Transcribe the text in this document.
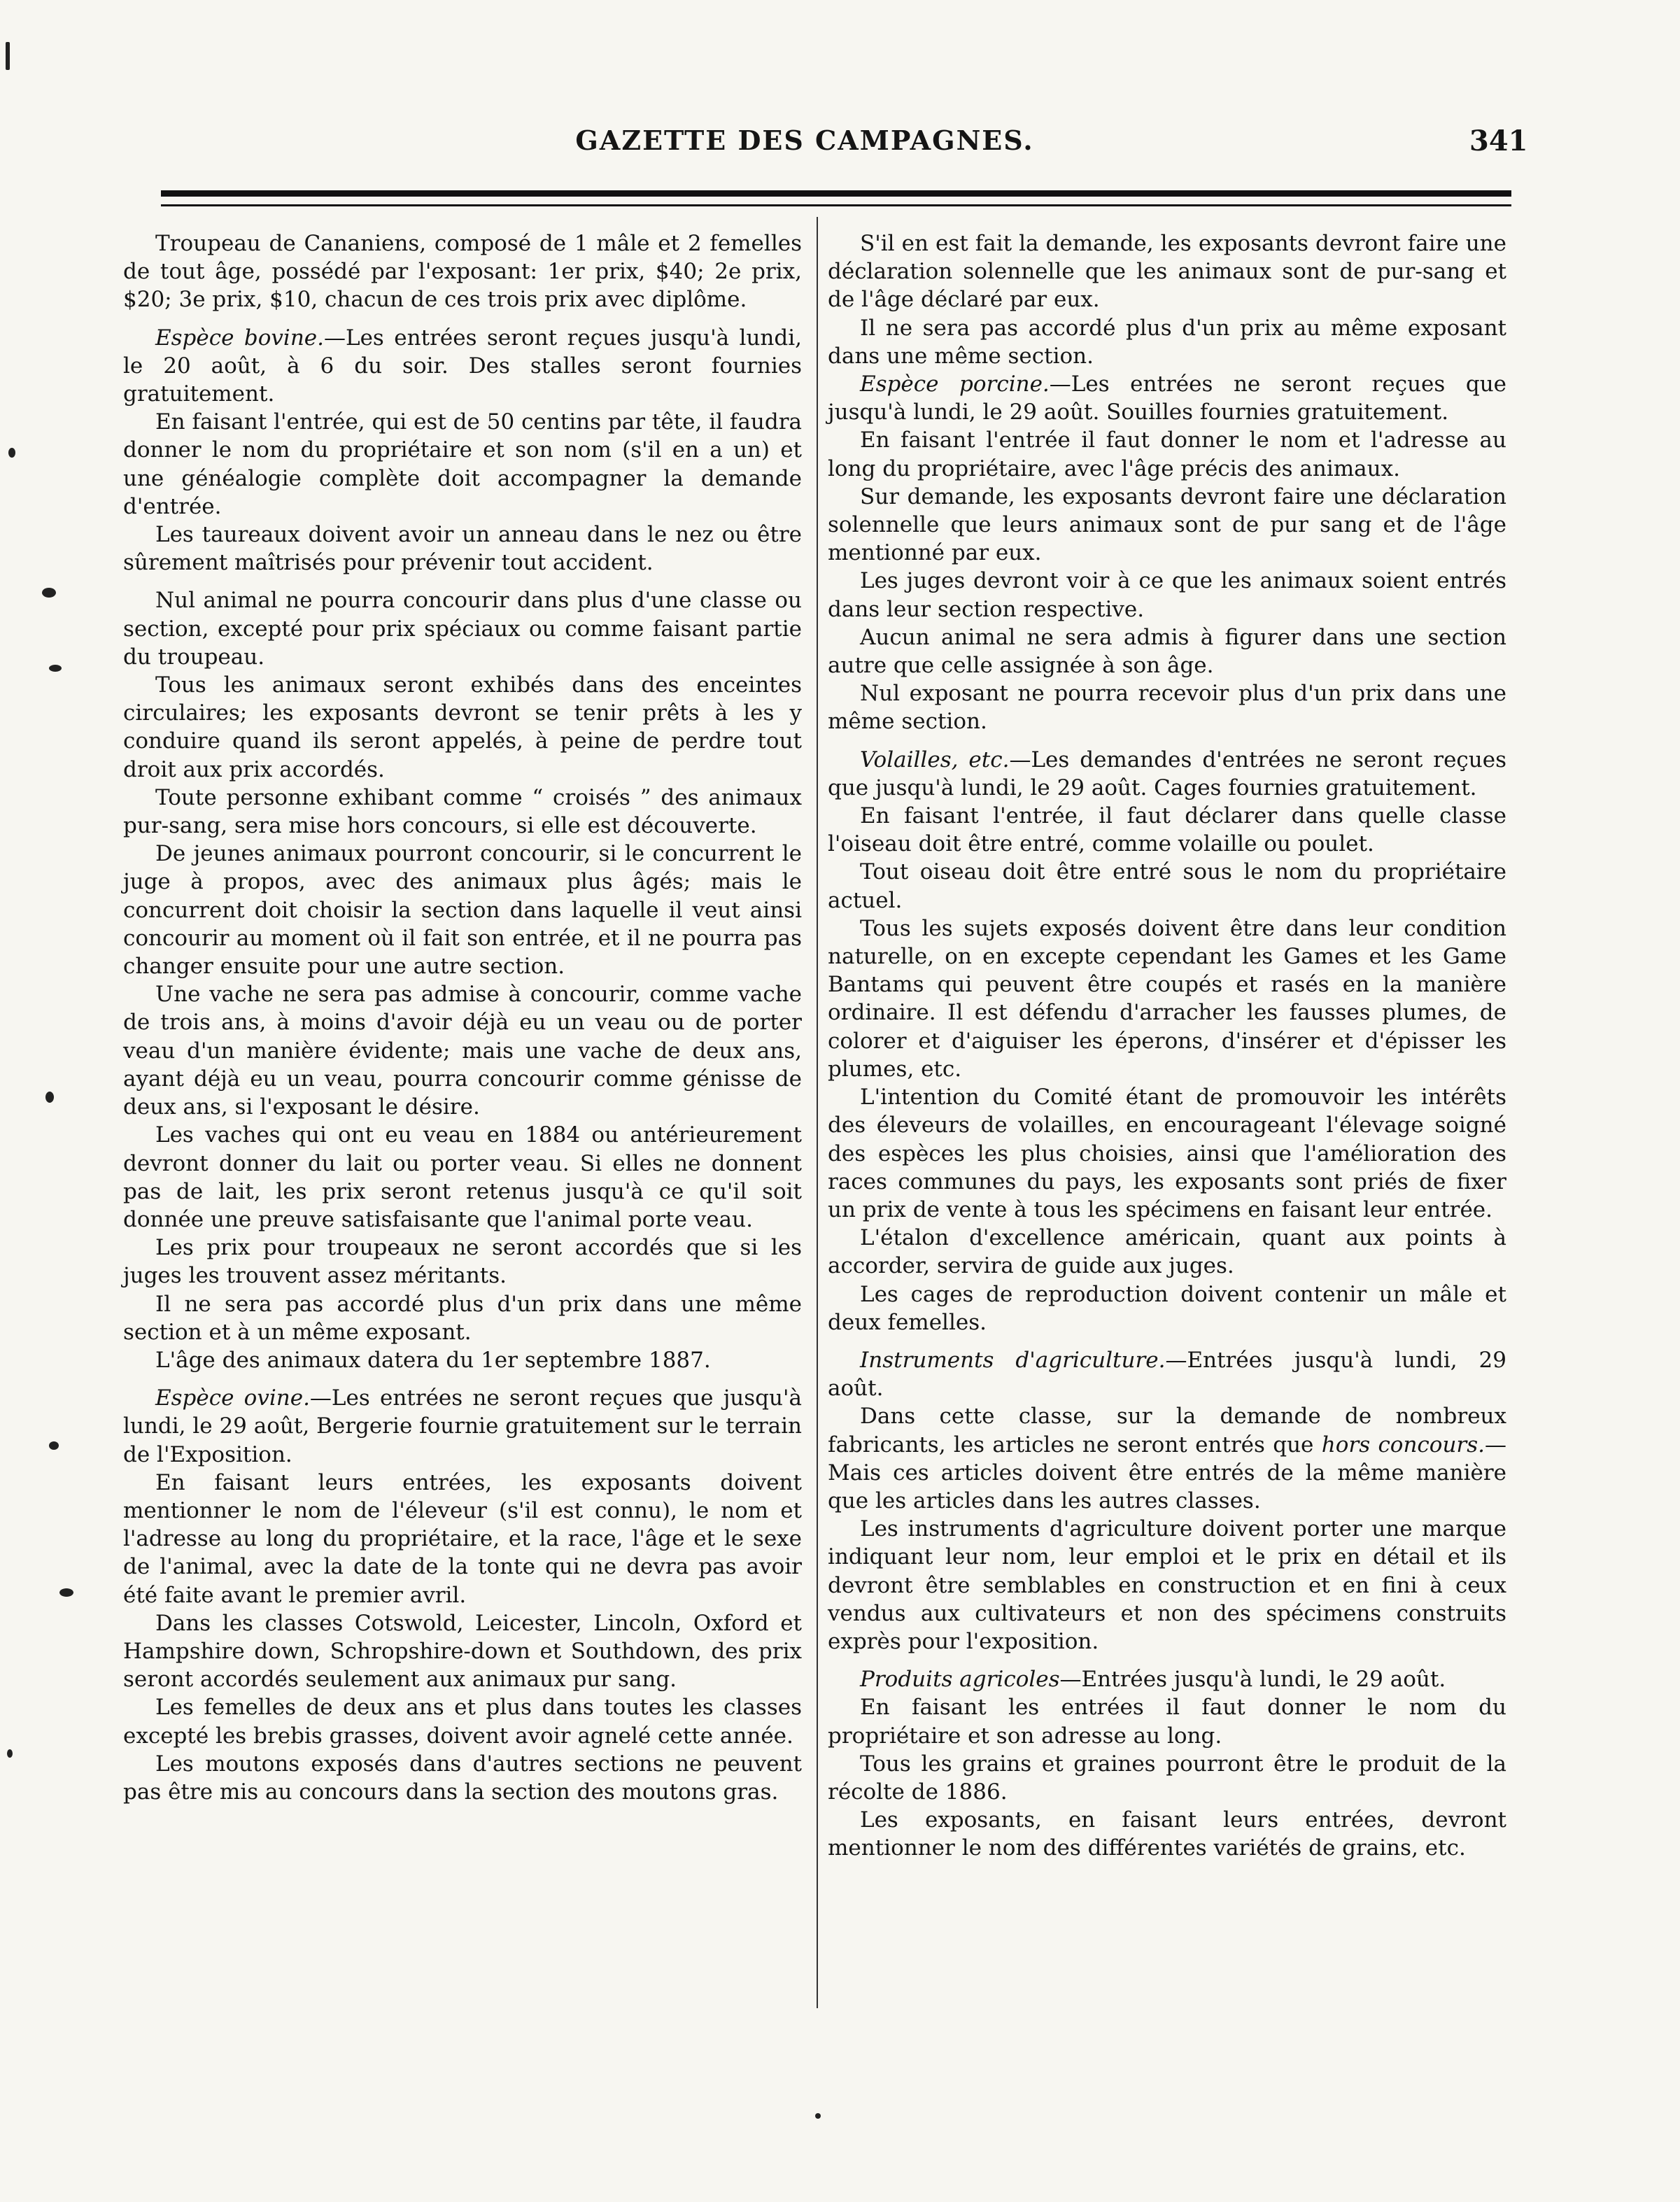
GAZETTE DES CAMPAGNES.	341

Troupeau de Cananiens, composé de 1 mâle et 2 femelles de tout âge, possédé par l'exposant: 1er prix, $40; 2e prix, $20; 3e prix, $10, chacun de ces trois prix avec diplôme.

Espèce bovine.—Les entrées seront reçues jusqu'à lundi, le 20 août, à 6 du soir. Des stalles seront fournies gratuitement.

En faisant l'entrée, qui est de 50 centins par tête, il faudra donner le nom du propriétaire et son nom (s'il en a un) et une généalogie complète doit accompagner la demande d'entrée.

Les taureaux doivent avoir un anneau dans le nez ou être sûrement maîtrisés pour prévenir tout accident.

Nul animal ne pourra concourir dans plus d'une classe ou section, excepté pour prix spéciaux ou comme faisant partie du troupeau.

Tous les animaux seront exhibés dans des enceintes circulaires; les exposants devront se tenir prêts à les y conduire quand ils seront appelés, à peine de perdre tout droit aux prix accordés.

Toute personne exhibant comme “ croisés ” des animaux pur-sang, sera mise hors concours, si elle est découverte.

De jeunes animaux pourront concourir, si le concurrent le juge à propos, avec des animaux plus âgés; mais le concurrent doit choisir la section dans laquelle il veut ainsi concourir au moment où il fait son entrée, et il ne pourra pas changer ensuite pour une autre section.

Une vache ne sera pas admise à concourir, comme vache de trois ans, à moins d'avoir déjà eu un veau ou de porter veau d'un manière évidente; mais une vache de deux ans, ayant déjà eu un veau, pourra concourir comme génisse de deux ans, si l'exposant le désire.

Les vaches qui ont eu veau en 1884 ou antérieurement devront donner du lait ou porter veau. Si elles ne donnent pas de lait, les prix seront retenus jusqu'à ce qu'il soit donnée une preuve satisfaisante que l'animal porte veau.

Les prix pour troupeaux ne seront accordés que si les juges les trouvent assez méritants.

Il ne sera pas accordé plus d'un prix dans une même section et à un même exposant.

L'âge des animaux datera du 1er septembre 1887.

Espèce ovine.—Les entrées ne seront reçues que jusqu'à lundi, le 29 août, Bergerie fournie gratuitement sur le terrain de l'Exposition.

En faisant leurs entrées, les exposants doivent mentionner le nom de l'éleveur (s'il est connu), le nom et l'adresse au long du propriétaire, et la race, l'âge et le sexe de l'animal, avec la date de la tonte qui ne devra pas avoir été faite avant le premier avril.

Dans les classes Cotswold, Leicester, Lincoln, Oxford et Hampshire down, Schropshire-down et Southdown, des prix seront accordés seulement aux animaux pur sang.

Les femelles de deux ans et plus dans toutes les classes excepté les brebis grasses, doivent avoir agnelé cette année.

Les moutons exposés dans d'autres sections ne peuvent pas être mis au concours dans la section des moutons gras.

S'il en est fait la demande, les exposants devront faire une déclaration solennelle que les animaux sont de pur-sang et de l'âge déclaré par eux.

Il ne sera pas accordé plus d'un prix au même exposant dans une même section.

Espèce porcine.—Les entrées ne seront reçues que jusqu'à lundi, le 29 août. Souilles fournies gratuitement.

En faisant l'entrée il faut donner le nom et l'adresse au long du propriétaire, avec l'âge précis des animaux.

Sur demande, les exposants devront faire une déclaration solennelle que leurs animaux sont de pur sang et de l'âge mentionné par eux.

Les juges devront voir à ce que les animaux soient entrés dans leur section respective.

Aucun animal ne sera admis à figurer dans une section autre que celle assignée à son âge.

Nul exposant ne pourra recevoir plus d'un prix dans une même section.

Volailles, etc.—Les demandes d'entrées ne seront reçues que jusqu'à lundi, le 29 août. Cages fournies gratuitement.

En faisant l'entrée, il faut déclarer dans quelle classe l'oiseau doit être entré, comme volaille ou poulet.

Tout oiseau doit être entré sous le nom du propriétaire actuel.

Tous les sujets exposés doivent être dans leur condition naturelle, on en excepte cependant les Games et les Game Bantams qui peuvent être coupés et rasés en la manière ordinaire. Il est défendu d'arracher les fausses plumes, de colorer et d'aiguiser les éperons, d'insérer et d'épisser les plumes, etc.

L'intention du Comité étant de promouvoir les intérêts des éleveurs de volailles, en encourageant l'élevage soigné des espèces les plus choisies, ainsi que l'amélioration des races communes du pays, les exposants sont priés de fixer un prix de vente à tous les spécimens en faisant leur entrée.

L'étalon d'excellence américain, quant aux points à accorder, servira de guide aux juges.

Les cages de reproduction doivent contenir un mâle et deux femelles.

Instruments d'agriculture.—Entrées jusqu'à lundi, 29 août.

Dans cette classe, sur la demande de nombreux fabricants, les articles ne seront entrés que hors concours.—Mais ces articles doivent être entrés de la même manière que les articles dans les autres classes.

Les instruments d'agriculture doivent porter une marque indiquant leur nom, leur emploi et le prix en détail et ils devront être semblables en construction et en fini à ceux vendus aux cultivateurs et non des spécimens construits exprès pour l'exposition.

Produits agricoles—Entrées jusqu'à lundi, le 29 août.

En faisant les entrées il faut donner le nom du propriétaire et son adresse au long.

Tous les grains et graines pourront être le produit de la récolte de 1886.

Les exposants, en faisant leurs entrées, devront mentionner le nom des différentes variétés de grains, etc.
